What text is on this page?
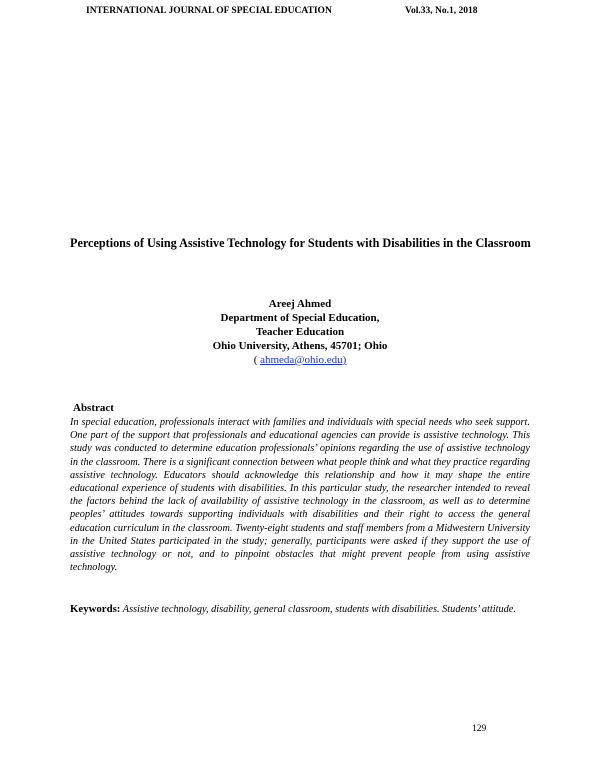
INTERNATIONAL JOURNAL OF SPECIAL EDUCATION	Vol.33, No.1, 2018
Perceptions of Using Assistive Technology for Students with Disabilities in the Classroom
Areej Ahmed
Department of Special Education,
Teacher Education
Ohio University, Athens, 45701; Ohio
( ahmeda@ohio.edu)
Abstract

In special education, professionals interact with families and individuals with special needs who seek support. One part of the support that professionals and educational agencies can provide is assistive technology. This study was conducted to determine education professionals’ opinions regarding the use of assistive technology in the classroom. There is a significant connection between what people think and what they practice regarding assistive technology. Educators should acknowledge this relationship and how it may shape the entire educational experience of students with disabilities. In this particular study, the researcher intended to reveal the factors behind the lack of availability of assistive technology in the classroom, as well as to determine peoples’ attitudes towards supporting individuals with disabilities and their right to access the general education curriculum in the classroom. Twenty-eight students and staff members from a Midwestern University in the United States participated in the study; generally, participants were asked if they support the use of assistive technology or not, and to pinpoint obstacles that might prevent people from using assistive technology.

Keywords: Assistive technology, disability, general classroom, students with disabilities. Students’ attitude.

129
